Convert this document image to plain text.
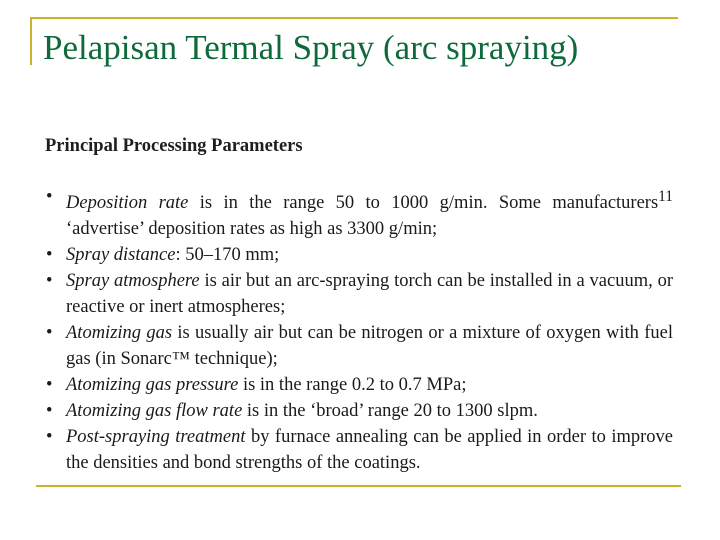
Pelapisan Termal Spray (arc spraying)
Principal Processing Parameters
• Deposition rate is in the range 50 to 1000 g/min. Some manufacturers$^{11}$ ‘advertise’ deposition rates as high as 3300 g/min;
• Spray distance: 50–170 mm;
• Spray atmosphere is air but an arc-spraying torch can be installed in a vacuum, or reactive or inert atmospheres;
• Atomizing gas is usually air but can be nitrogen or a mixture of oxygen with fuel gas (in Sonarc™ technique);
• Atomizing gas pressure is in the range 0.2 to 0.7 MPa;
• Atomizing gas flow rate is in the ‘broad’ range 20 to 1300 slpm.
• Post-spraying treatment by furnace annealing can be applied in order to improve the densities and bond strengths of the coatings.
